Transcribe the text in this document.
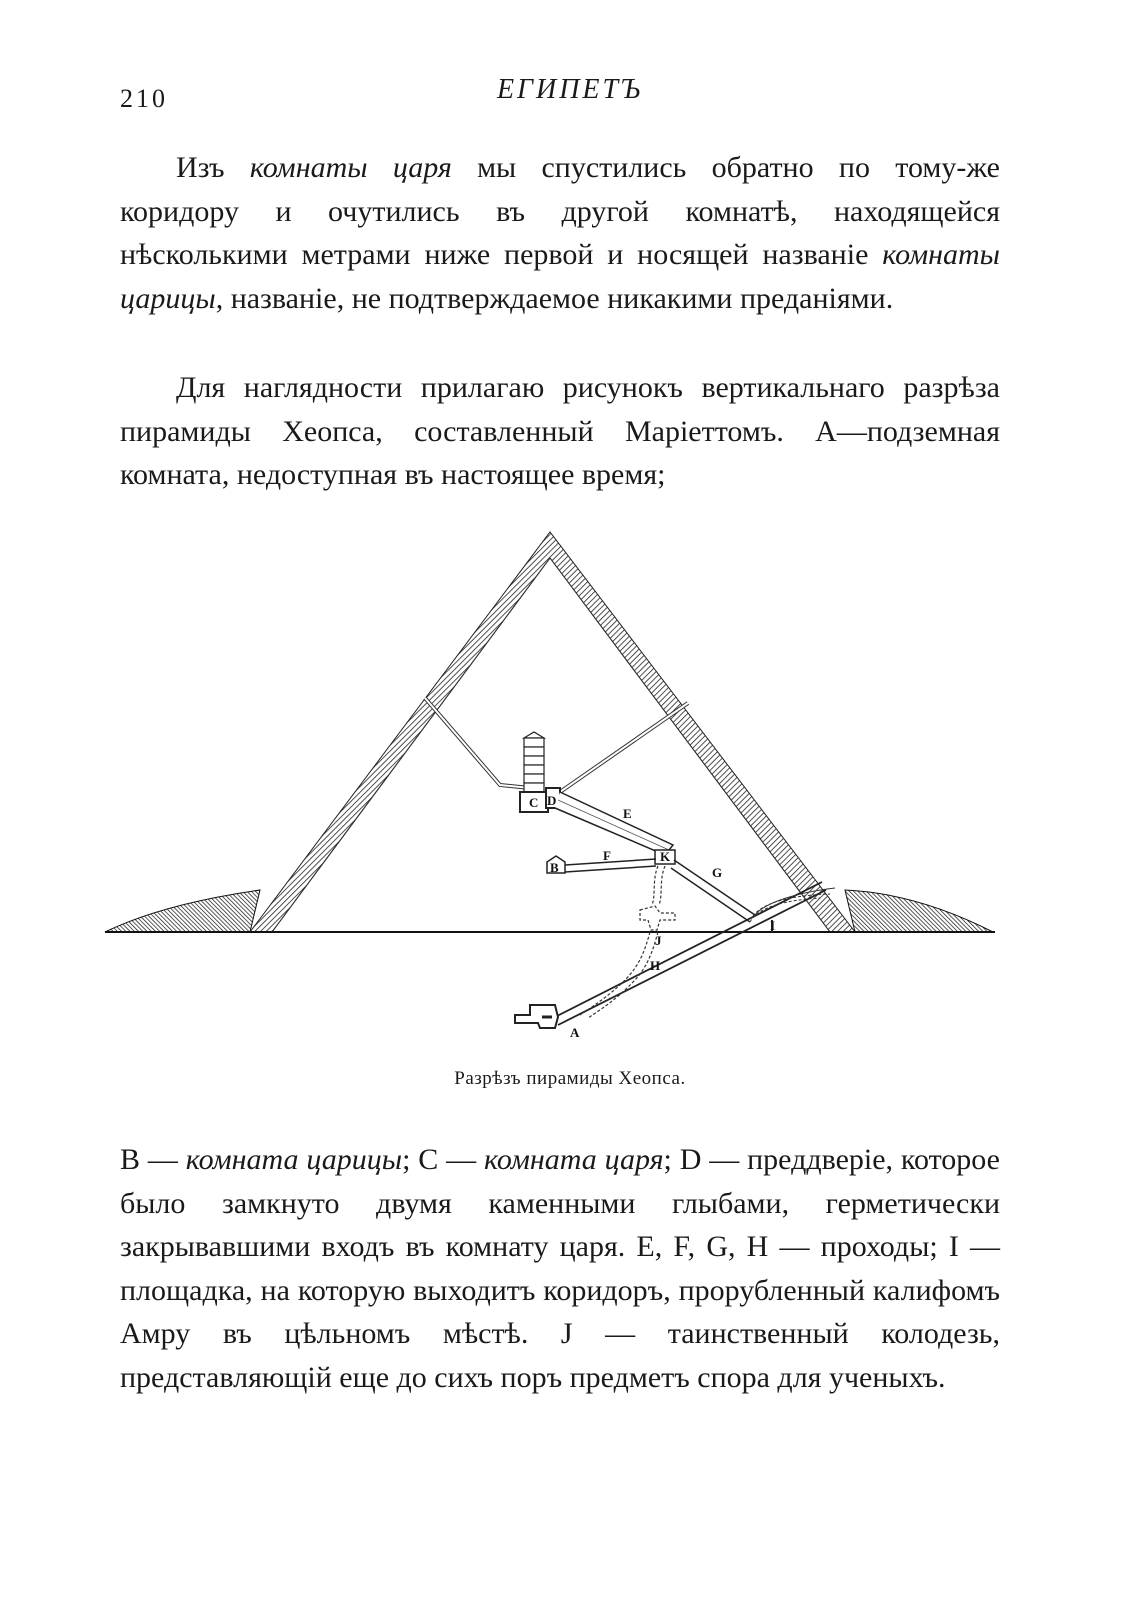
210	ЕГИПЕТЪ

Изъ комнаты царя мы спустились обратно по тому-же коридору и очутились въ другой комнатѣ, находящейся нѣсколькими метрами ниже первой и носящей названіе комнаты царицы, названіе, не подтверждаемое никакими преданіями.

Для наглядности прилагаю рисунокъ вертикальнаго разрѣза пирамиды Хеопса, составленный Маріеттомъ. А—подземная комната, недоступная въ настоящее время;

C D
E
F	K
B	G
I
J
H
A
Разрѣзъ пирамиды Хеопса.

В — комната царицы; С — комната царя; D — преддверіе, которое было замкнуто двумя каменными глыбами, герметически закрывавшими входъ въ комнату царя. E, F, G, H — проходы; I — площадка, на которую выходитъ коридоръ, прорубленный калифомъ Амру въ цѣльномъ мѣстѣ. J — таинственный колодезь, представляющій еще до сихъ поръ предметъ спора для ученыхъ.
